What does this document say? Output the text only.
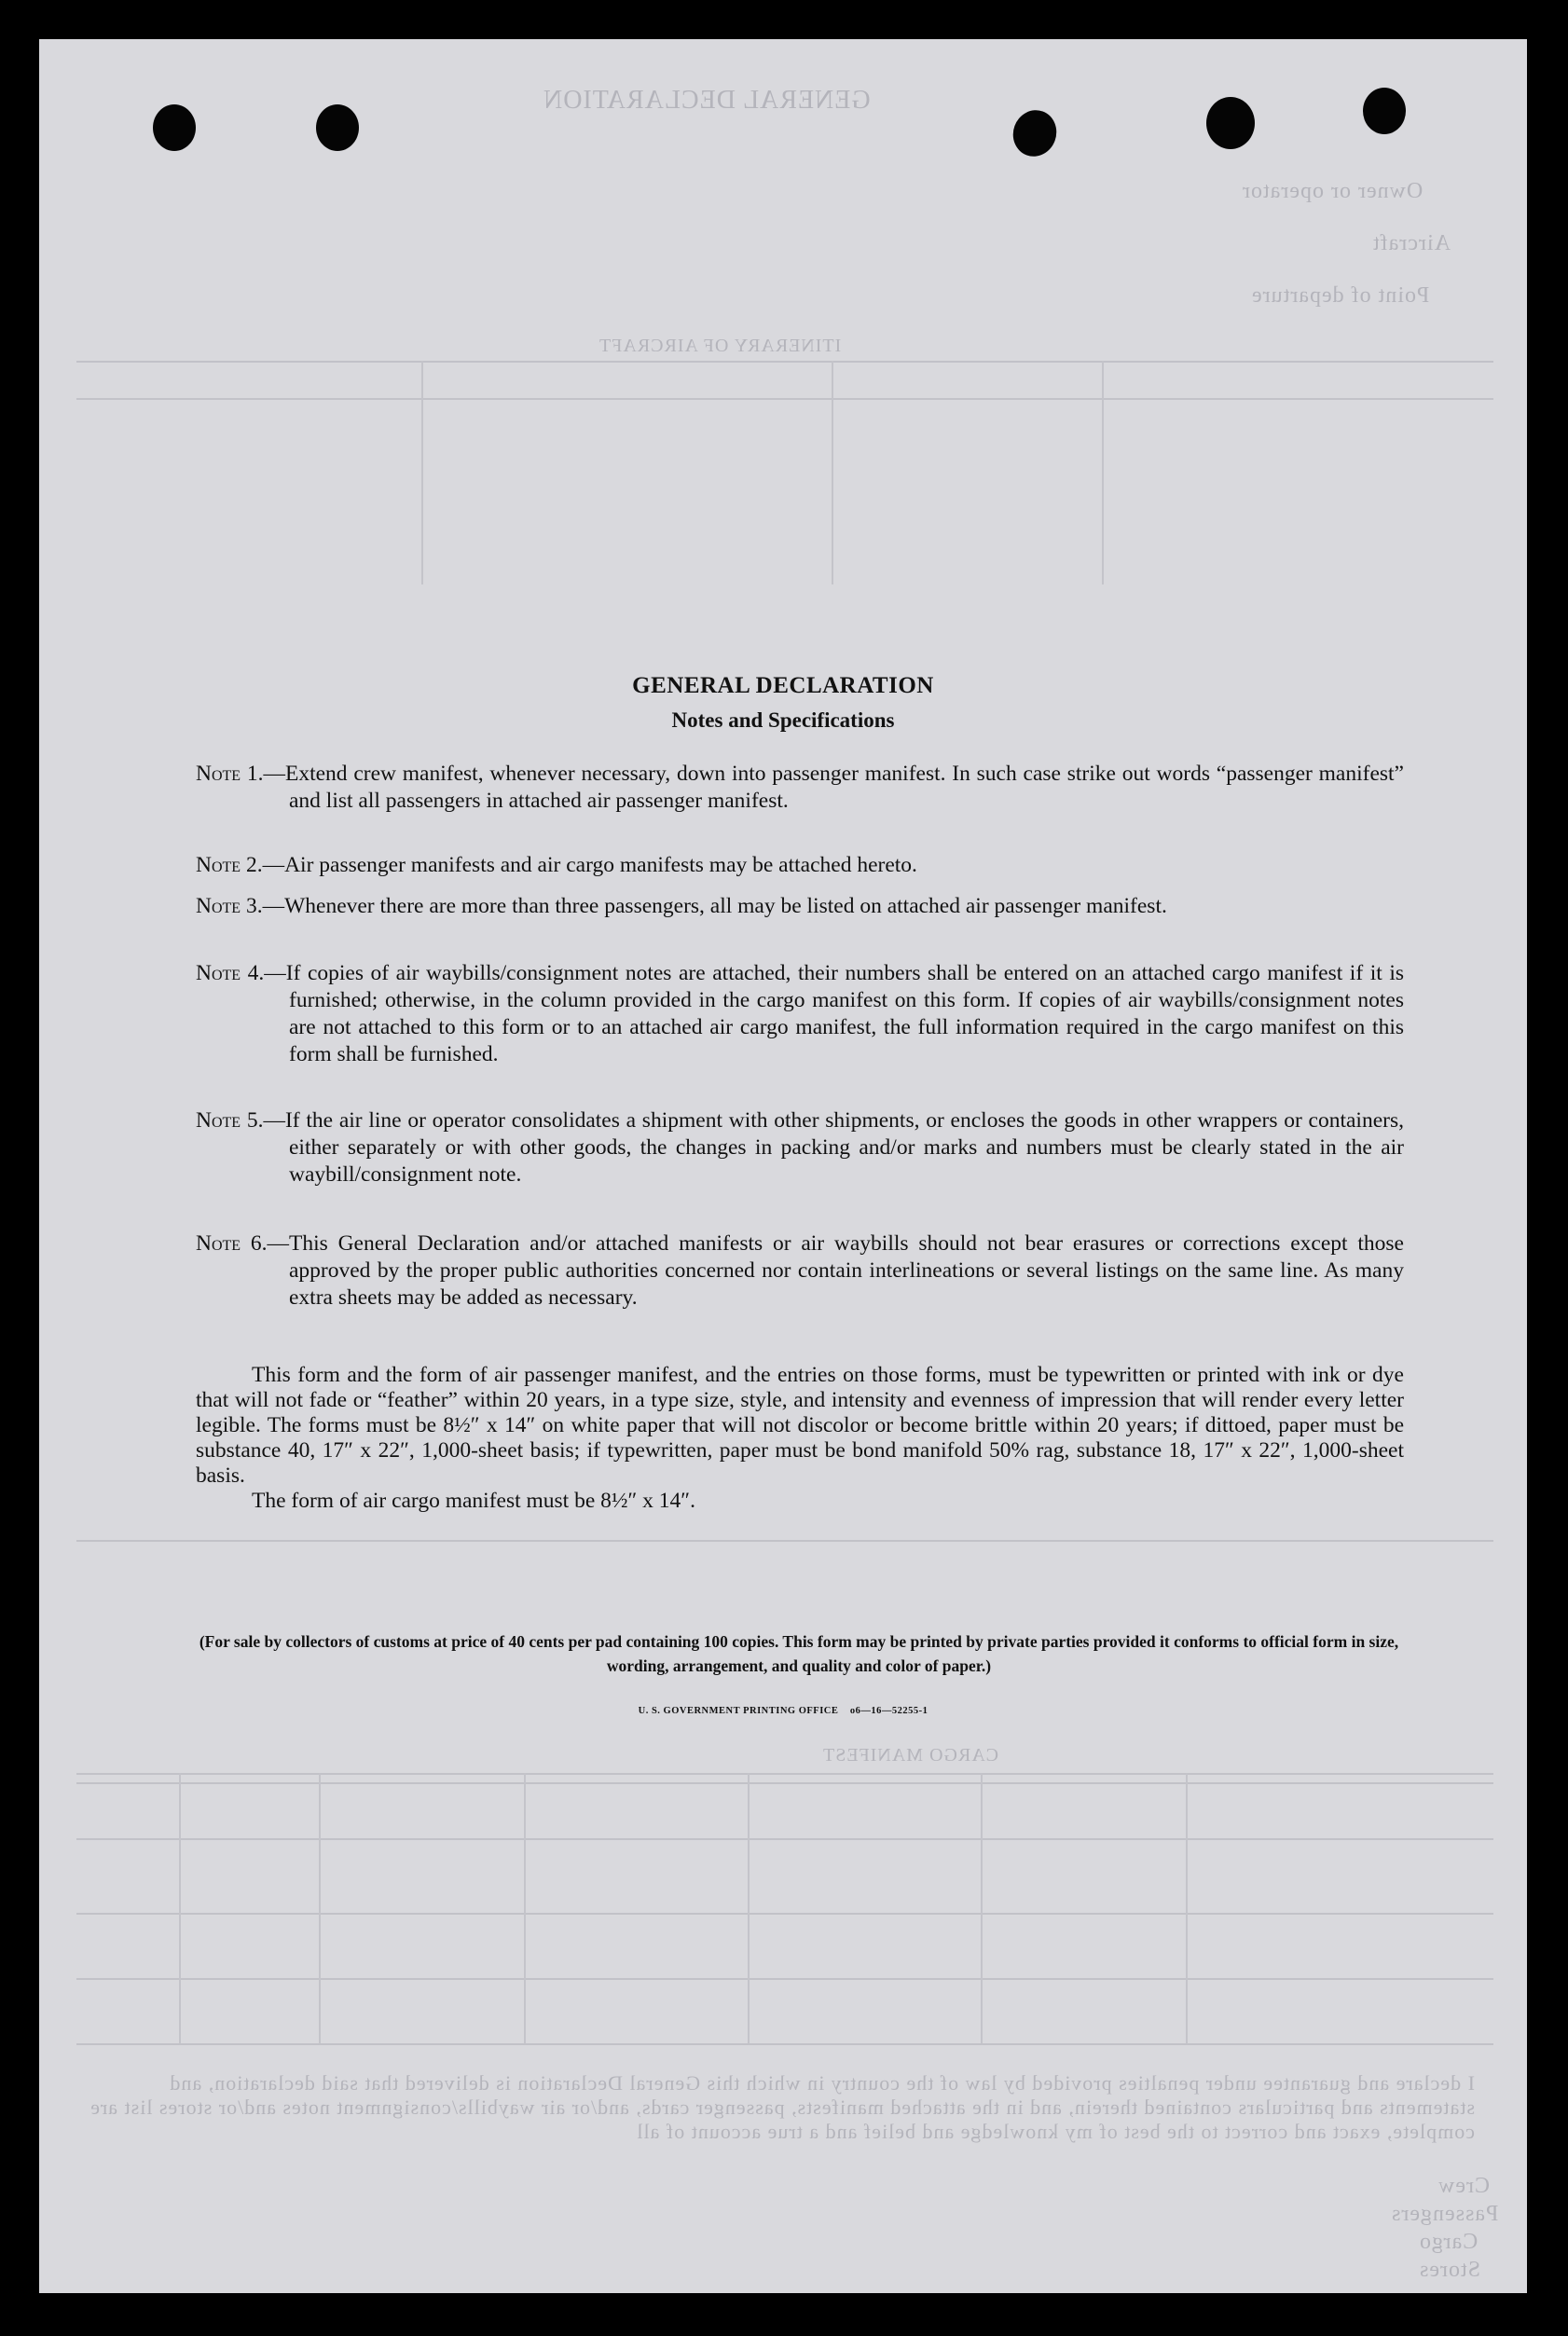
GENERAL DECLARATION
Owner or operator
Aircraft
Point of departure
ITINERARY OF AIRCRAFT
CARGO MANIFEST
I declare and guarantee under penalties provided by law of the country in which this General Declaration is delivered that said declaration, and statements and particulars contained therein, and in the attached manifests, passenger cards, and/or air waybills/consignment notes and/or stores list are complete, exact and correct to the best of my knowledge and belief and a true account of all
Crew
Passengers
Cargo
Stores
GENERAL DECLARATION
Notes and Specifications
Note 1.—Extend crew manifest, whenever necessary, down into passenger manifest. In such case strike out words “passenger manifest” and list all passengers in attached air passenger manifest.
Note 2.—Air passenger manifests and air cargo manifests may be attached hereto.
Note 3.—Whenever there are more than three passengers, all may be listed on attached air passenger manifest.
Note 4.—If copies of air waybills/consignment notes are attached, their numbers shall be entered on an attached cargo manifest if it is furnished; otherwise, in the column provided in the cargo manifest on this form. If copies of air waybills/consignment notes are not attached to this form or to an attached air cargo manifest, the full information required in the cargo manifest on this form shall be furnished.
Note 5.—If the air line or operator consolidates a shipment with other shipments, or encloses the goods in other wrappers or containers, either separately or with other goods, the changes in packing and/or marks and numbers must be clearly stated in the air waybill/consignment note.
Note 6.—This General Declaration and/or attached manifests or air waybills should not bear erasures or corrections except those approved by the proper public authorities concerned nor contain interlineations or several listings on the same line. As many extra sheets may be added as necessary.

This form and the form of air passenger manifest, and the entries on those forms, must be typewritten or printed with ink or dye that will not fade or “feather” within 20 years, in a type size, style, and intensity and evenness of impression that will render every letter legible. The forms must be 8½″ x 14″ on white paper that will not discolor or become brittle within 20 years; if dittoed, paper must be substance 40, 17″ x 22″, 1,000-sheet basis; if typewritten, paper must be bond manifold 50% rag, substance 18, 17″ x 22″, 1,000-sheet basis.

The form of air cargo manifest must be 8½″ x 14″.

(For sale by collectors of customs at price of 40 cents per pad containing 100 copies. This form may be printed by private parties provided it conforms to official form in size, wording, arrangement, and quality and color of paper.)
U. S. GOVERNMENT PRINTING OFFICE    o6—16—52255-1
